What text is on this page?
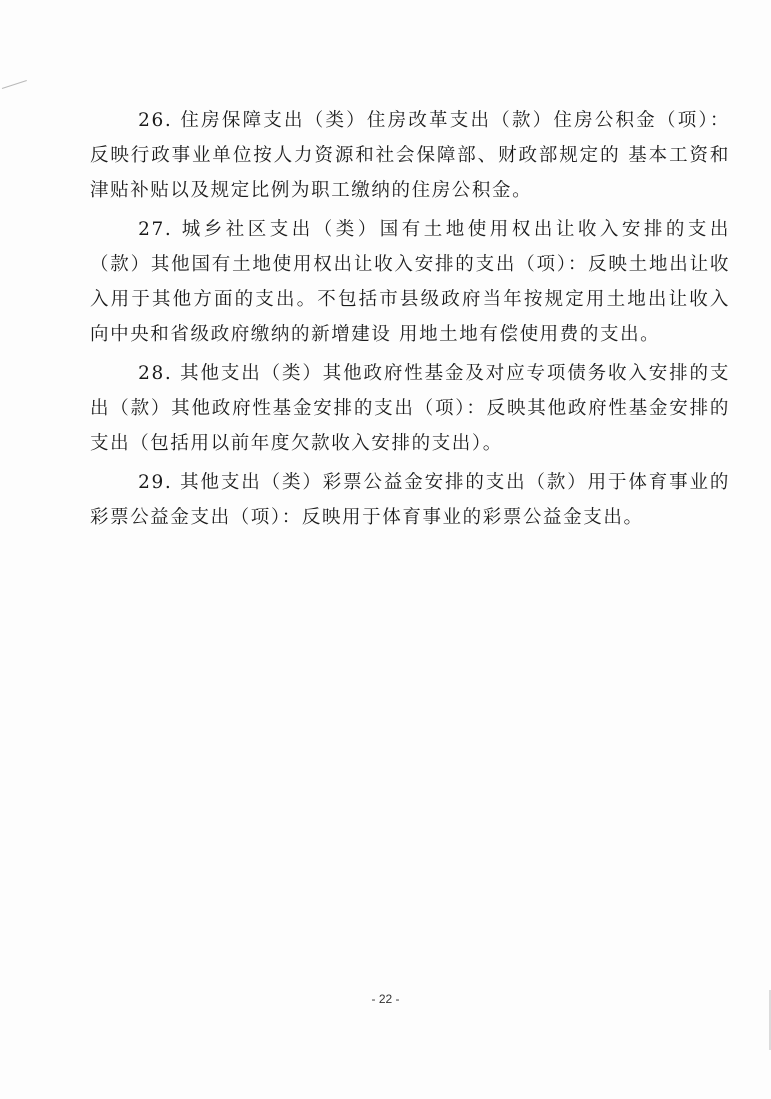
26. 住房保障支出（类）住房改革支出（款）住房公积金（项）：反映行政事业单位按人力资源和社会保障部、财政部规定的 基本工资和津贴补贴以及规定比例为职工缴纳的住房公积金。

27. 城乡社区支出（类）国有土地使用权出让收入安排的支出（款）其他国有土地使用权出让收入安排的支出（项）：反映土地出让收入用于其他方面的支出。不包括市县级政府当年按规定用土地出让收入向中央和省级政府缴纳的新增建设 用地土地有偿使用费的支出。

28. 其他支出（类）其他政府性基金及对应专项债务收入安排的支出（款）其他政府性基金安排的支出（项）：反映其他政府性基金安排的支出（包括用以前年度欠款收入安排的支出）。

29. 其他支出（类）彩票公益金安排的支出（款）用于体育事业的彩票公益金支出（项）：反映用于体育事业的彩票公益金支出。

- 22 -
